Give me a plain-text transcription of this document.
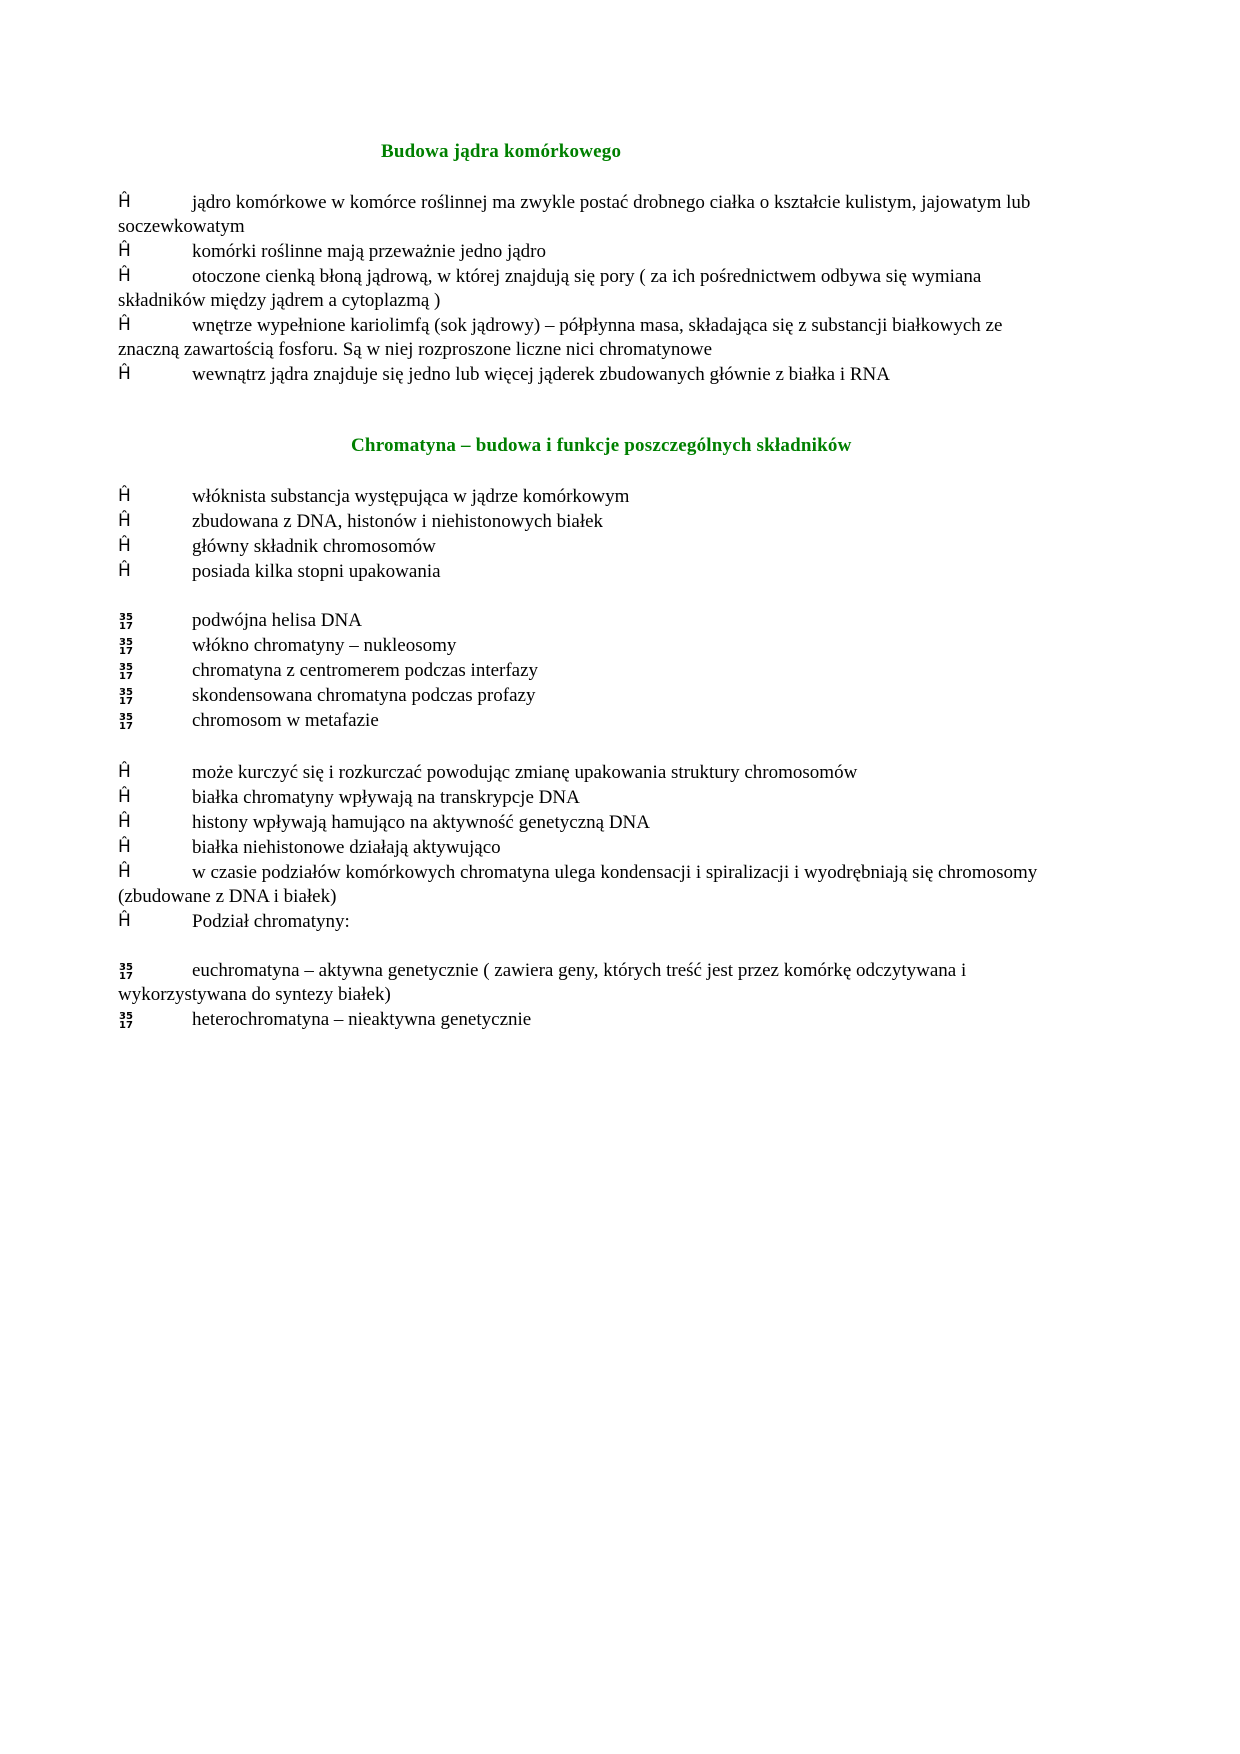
Budowa jądra komórkowego
Ĥ	jądro komórkowe w komórce roślinnej ma zwykle postać drobnego ciałka o kształcie kulistym, jajowatym lub
soczewkowatym
Ĥ	komórki roślinne mają przeważnie jedno jądro
Ĥ	otoczone cienką błoną jądrową, w której znajdują się pory ( za ich pośrednictwem odbywa się wymiana
składników między jądrem a cytoplazmą )
Ĥ	wnętrze wypełnione kariolimfą (sok jądrowy) – półpłynna masa, składająca się z substancji białkowych ze
znaczną zawartością fosforu. Są w niej rozproszone liczne nici chromatynowe
Ĥ	wewnątrz jądra znajduje się jedno lub więcej jąderek zbudowanych głównie z białka i RNA
Chromatyna – budowa i funkcje poszczególnych składników
Ĥ	włóknista substancja występująca w jądrze komórkowym
Ĥ	zbudowana z DNA, histonów i niehistonowych białek
Ĥ	główny składnik chromosomów
Ĥ	posiada kilka stopni upakowania
35
17	podwójna helisa DNA
35
17	włókno chromatyny – nukleosomy
35
17	chromatyna z centromerem podczas interfazy
35
17	skondensowana chromatyna podczas profazy
35
17	chromosom w metafazie
Ĥ	może kurczyć się i rozkurczać powodując zmianę upakowania struktury chromosomów
Ĥ	białka chromatyny wpływają na transkrypcje DNA
Ĥ	histony wpływają hamująco na aktywność genetyczną DNA
Ĥ	białka niehistonowe działają aktywująco
Ĥ	w czasie podziałów komórkowych chromatyna ulega kondensacji i spiralizacji i wyodrębniają się chromosomy
(zbudowane z DNA i białek)
Ĥ	Podział chromatyny:
35
17	euchromatyna – aktywna genetycznie ( zawiera geny, których treść jest przez komórkę odczytywana i
wykorzystywana do syntezy białek)
35
17	heterochromatyna – nieaktywna genetycznie
